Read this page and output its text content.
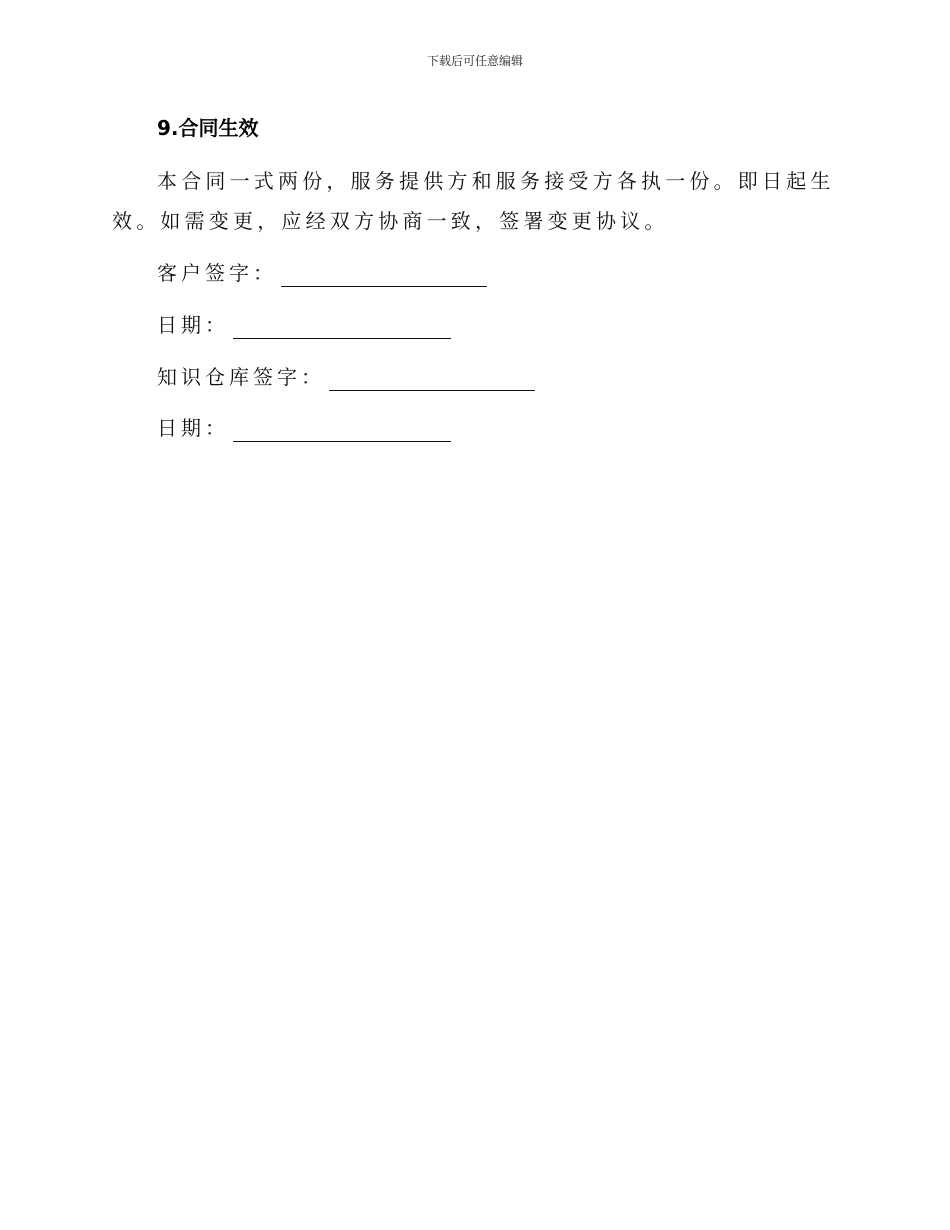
下载后可任意编辑
9.合同生效

本合同一式两份，服务提供方和服务接受方各执一份。即日起生效。如需变更，应经双方协商一致，签署变更协议。

客户签字：
日期：
知识仓库签字：
日期：
